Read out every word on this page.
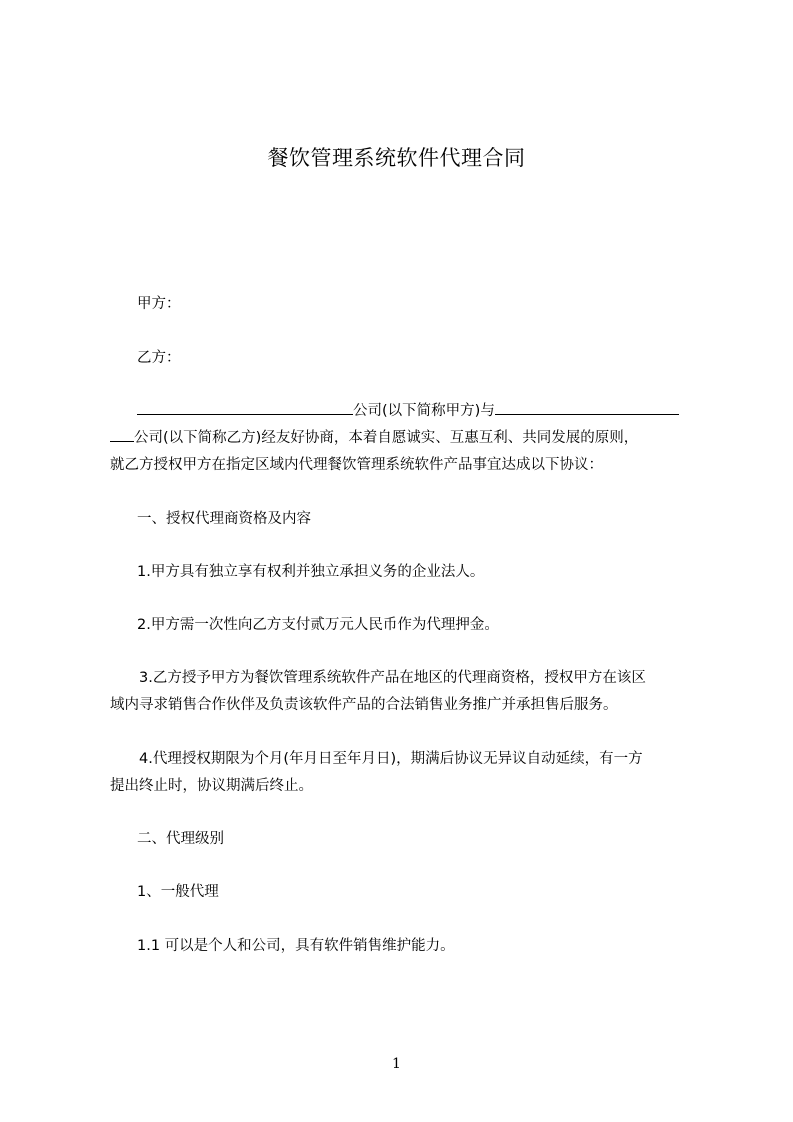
餐饮管理系统软件代理合同
甲方：
乙方：
公司(以下简称甲方)与
公司(以下简称乙方)经友好协商，本着自愿诚实、互惠互利、共同发展的原则，
就乙方授权甲方在指定区域内代理餐饮管理系统软件产品事宜达成以下协议：
一、授权代理商资格及内容
1.甲方具有独立享有权利并独立承担义务的企业法人。
2.甲方需一次性向乙方支付贰万元人民币作为代理押金。
3.乙方授予甲方为餐饮管理系统软件产品在地区的代理商资格，授权甲方在该区
域内寻求销售合作伙伴及负责该软件产品的合法销售业务推广并承担售后服务。
4.代理授权期限为个月(年月日至年月日)，期满后协议无异议自动延续，有一方
提出终止时，协议期满后终止。
二、代理级别
1、一般代理
1.1 可以是个人和公司，具有软件销售维护能力。
1
